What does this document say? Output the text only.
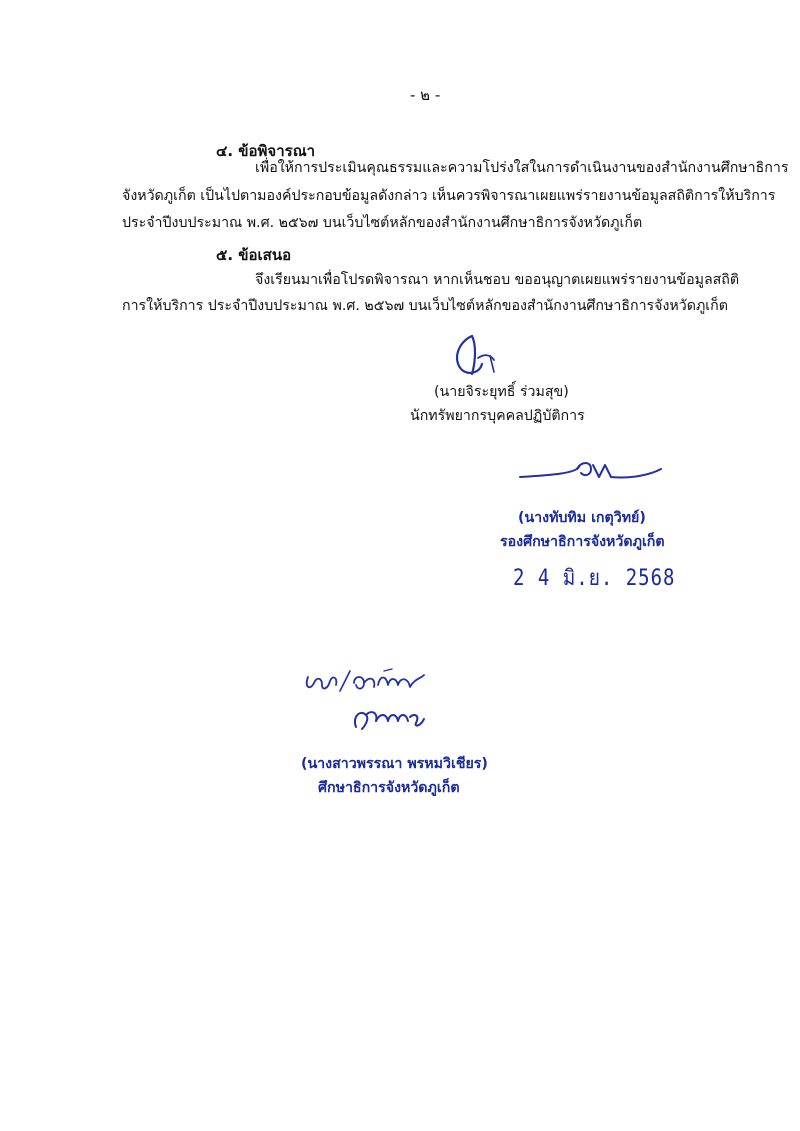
- ๒ -
๔. ข้อพิจารณา
เพื่อให้การประเมินคุณธรรมและความโปร่งใสในการดำเนินงานของสำนักงานศึกษาธิการ
จังหวัดภูเก็ต เป็นไปตามองค์ประกอบข้อมูลดังกล่าว เห็นควรพิจารณาเผยแพร่รายงานข้อมูลสถิติการให้บริการ
ประจำปีงบประมาณ พ.ศ. ๒๕๖๗ บนเว็บไซต์หลักของสำนักงานศึกษาธิการจังหวัดภูเก็ต
๕. ข้อเสนอ
จึงเรียนมาเพื่อโปรดพิจารณา หากเห็นชอบ ขออนุญาตเผยแพร่รายงานข้อมูลสถิติ
การให้บริการ ประจำปีงบประมาณ พ.ศ. ๒๕๖๗ บนเว็บไซต์หลักของสำนักงานศึกษาธิการจังหวัดภูเก็ต
(นายจิระยุทธิ์ ร่วมสุข)
นักทรัพยากรบุคคลปฏิบัติการ
(นางทับทิม เกตุวิทย์)
รองศึกษาธิการจังหวัดภูเก็ต
2 4 มิ.ย. 2568
(นางสาวพรรณา พรหมวิเชียร)
ศึกษาธิการจังหวัดภูเก็ต
